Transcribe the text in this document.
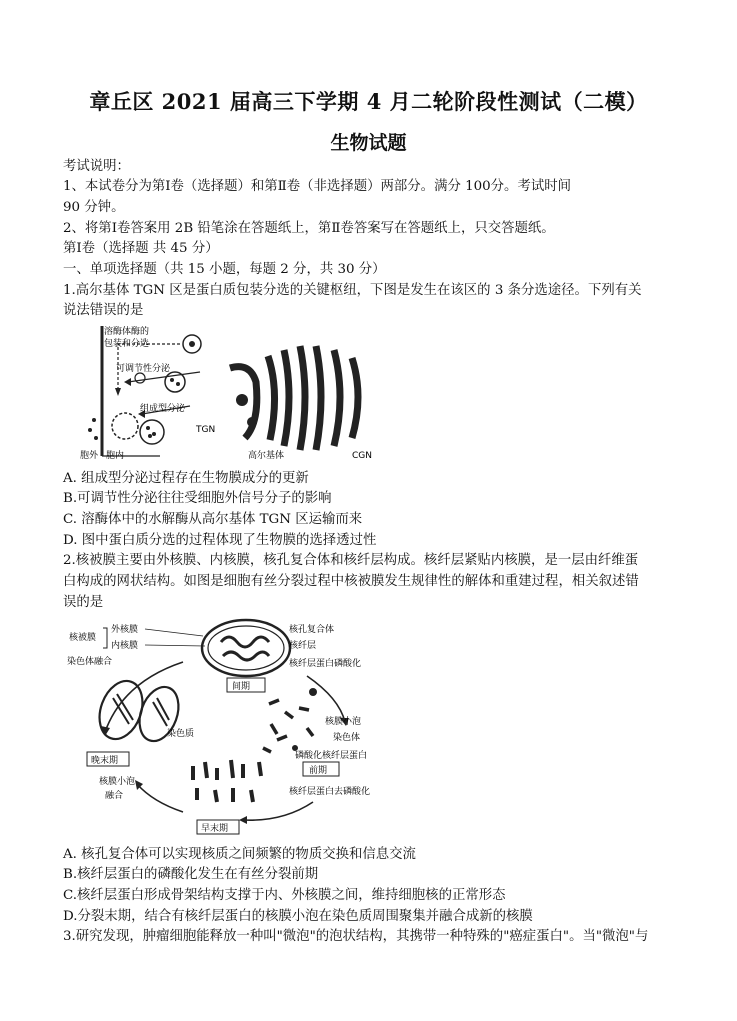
章丘区 2021 届高三下学期 4 月二轮阶段性测试（二模）
生物试题
考试说明：
1、本试卷分为第Ⅰ卷（选择题）和第Ⅱ卷（非选择题）两部分。满分 100分。考试时间
90 分钟。
2、将第Ⅰ卷答案用 2B 铅笔涂在答题纸上，第Ⅱ卷答案写在答题纸上，只交答题纸。
第Ⅰ卷（选择题 共 45 分）
一、单项选择题（共 15 小题，每题 2 分，共 30 分）
1.高尔基体 TGN 区是蛋白质包装分选的关键枢纽，下图是发生在该区的 3 条分选途径。下列有关
说法错误的是
溶酶体酶的
包装和分选
可调节性分泌
组成型分泌
TGN
CGN
高尔基体
胞外 胞内
A. 组成型分泌过程存在生物膜成分的更新
B.可调节性分泌往往受细胞外信号分子的影响
C. 溶酶体中的水解酶从高尔基体 TGN 区运输而来
D. 图中蛋白质分选的过程体现了生物膜的选择透过性
2.核被膜主要由外核膜、内核膜，核孔复合体和核纤层构成。核纤层紧贴内核膜，是一层由纤维蛋
白构成的网状结构。如图是细胞有丝分裂过程中核被膜发生规律性的解体和重建过程，相关叙述错
误的是
间期
核被膜
外核膜
内核膜
染色体融合
核孔复合体
核纤层
核纤层蛋白磷酸化
染色质
晚末期
核膜小泡
染色体
磷酸化核纤层蛋白
前期
核膜小泡
融合	核纤层蛋白去磷酸化
早末期
A. 核孔复合体可以实现核质之间频繁的物质交换和信息交流
B.核纤层蛋白的磷酸化发生在有丝分裂前期
C.核纤层蛋白形成骨架结构支撑于内、外核膜之间，维持细胞核的正常形态
D.分裂末期，结合有核纤层蛋白的核膜小泡在染色质周围聚集并融合成新的核膜
3.研究发现，肿瘤细胞能释放一种叫"微泡"的泡状结构，其携带一种特殊的"癌症蛋白"。当"微泡"与
